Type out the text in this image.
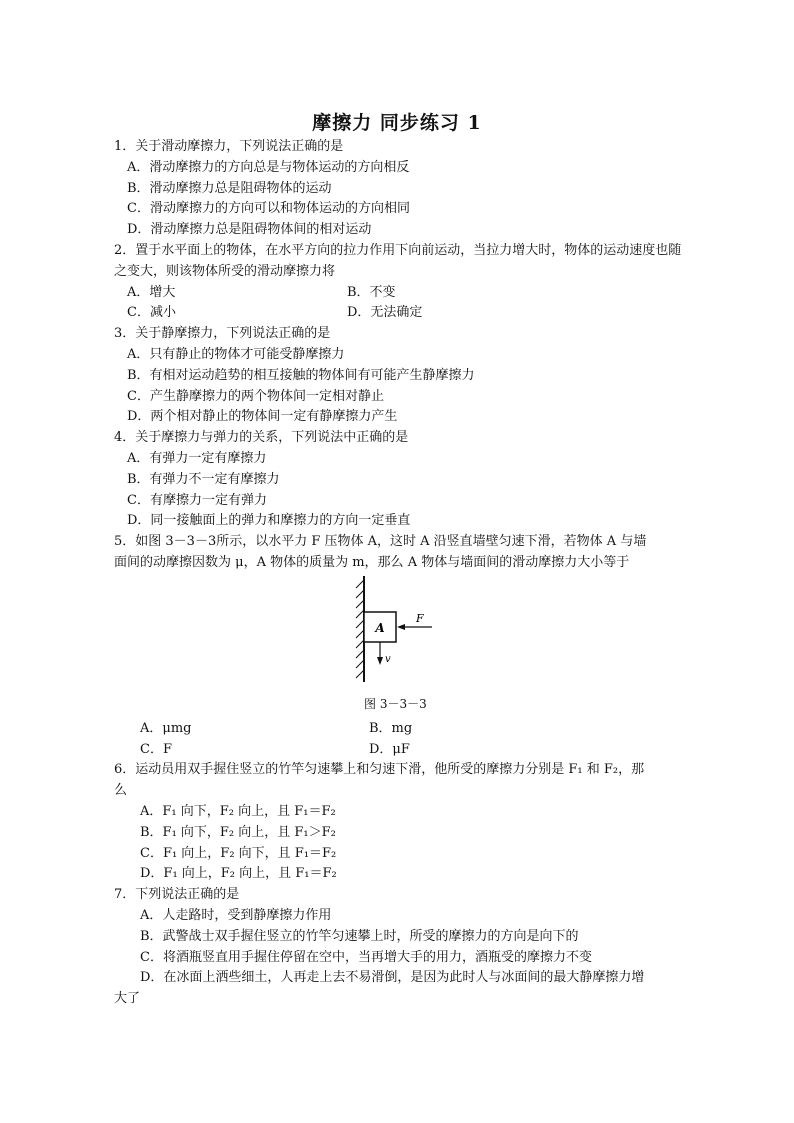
摩擦力 同步练习 1

1．关于滑动摩擦力，下列说法正确的是

A．滑动摩擦力的方向总是与物体运动的方向相反

B．滑动摩擦力总是阻碍物体的运动

C．滑动摩擦力的方向可以和物体运动的方向相同

D．滑动摩擦力总是阻碍物体间的相对运动

2．置于水平面上的物体，在水平方向的拉力作用下向前运动，当拉力增大时，物体的运动速度也随之变大，则该物体所受的滑动摩擦力将

A．增大	B．不变
C．减小	D．无法确定

3．关于静摩擦力，下列说法正确的是

A．只有静止的物体才可能受静摩擦力

B．有相对运动趋势的相互接触的物体间有可能产生静摩擦力

C．产生静摩擦力的两个物体间一定相对静止

D．两个相对静止的物体间一定有静摩擦力产生

4．关于摩擦力与弹力的关系，下列说法中正确的是

A．有弹力一定有摩擦力

B．有弹力不一定有摩擦力

C．有摩擦力一定有弹力

D．同一接触面上的弹力和摩擦力的方向一定垂直

5．如图 3－3－3所示，以水平力 F 压物体 A，这时 A 沿竖直墙壁匀速下滑，若物体 A 与墙

面间的动摩擦因数为 μ，A 物体的质量为 m，那么 A 物体与墙面间的滑动摩擦力大小等于

A
F
v
图 3－3－3
A．μmg	B．mg
C．F	D．μF

6．运动员用双手握住竖立的竹竿匀速攀上和匀速下滑，他所受的摩擦力分别是 F₁ 和 F₂，那

么

A．F₁ 向下，F₂ 向上，且 F₁＝F₂

B．F₁ 向下，F₂ 向上，且 F₁＞F₂

C．F₁ 向上，F₂ 向下，且 F₁＝F₂

D．F₁ 向上，F₂ 向上，且 F₁＝F₂

7．下列说法正确的是

A．人走路时，受到静摩擦力作用

B．武警战士双手握住竖立的竹竿匀速攀上时，所受的摩擦力的方向是向下的

C．将酒瓶竖直用手握住停留在空中，当再增大手的用力，酒瓶受的摩擦力不变

D．在冰面上洒些细土，人再走上去不易滑倒，是因为此时人与冰面间的最大静摩擦力增

大了
